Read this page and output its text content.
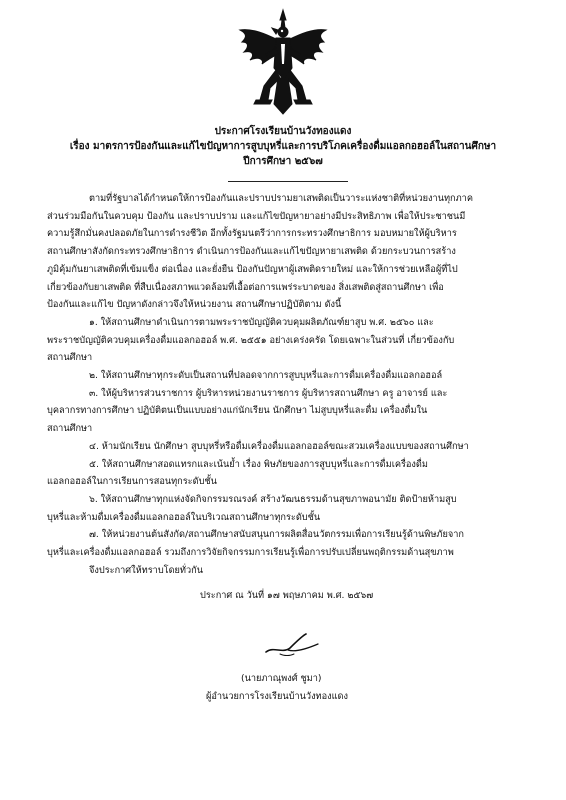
ประกาศโรงเรียนบ้านวังทองแดง
เรื่อง มาตรการป้องกันและแก้ไขปัญหาการสูบบุหรี่และการบริโภคเครื่องดื่มแอลกอฮอล์ในสถานศึกษา
ปีการศึกษา ๒๕๖๗
ตามที่รัฐบาลได้กำหนดให้การป้องกันและปราบปรามยาเสพติดเป็นวาระแห่งชาติที่หน่วยงานทุกภาค
ส่วนร่วมมือกันในควบคุม ป้องกัน และปราบปราม และแก้ไขปัญหายาอย่างมีประสิทธิภาพ เพื่อให้ประชาชนมี
ความรู้สึกมั่นคงปลอดภัยในการดำรงชีวิต อีกทั้งรัฐมนตรีว่าการกระทรวงศึกษาธิการ มอบหมายให้ผู้บริหาร
สถานศึกษาสังกัดกระทรวงศึกษาธิการ ดำเนินการป้องกันและแก้ไขปัญหายาเสพติด ด้วยกระบวนการสร้าง
ภูมิคุ้มกันยาเสพติดที่เข้มแข็ง ต่อเนื่อง และยั่งยืน ป้องกันปัญหาผู้เสพติดรายใหม่ และให้การช่วยเหลือผู้ที่ไป
เกี่ยวข้องกับยาเสพติด ที่สืบเนื่องสภาพแวดล้อมที่เอื้อต่อการแพร่ระบาดของ สิ่งเสพติดสู่สถานศึกษา เพื่อ
ป้องกันและแก้ไข ปัญหาดังกล่าวจึงให้หน่วยงาน สถานศึกษาปฏิบัติตาม ดังนี้
๑. ให้สถานศึกษาดำเนินการตามพระราชบัญญัติควบคุมผลิตภัณฑ์ยาสูบ พ.ศ. ๒๕๖๐ และ
พระราชบัญญัติควบคุมเครื่องดื่มแอลกอฮอล์ พ.ศ. ๒๕๕๑ อย่างเคร่งครัด โดยเฉพาะในส่วนที่ เกี่ยวข้องกับ
สถานศึกษา
๒. ให้สถานศึกษาทุกระดับเป็นสถานที่ปลอดจากการสูบบุหรี่และการดื่มเครื่องดื่มแอลกอฮอล์
๓. ให้ผู้บริหารส่วนราชการ ผู้บริหารหน่วยงานราชการ ผู้บริหารสถานศึกษา ครู อาจารย์ และ
บุคลากรทางการศึกษา ปฏิบัติตนเป็นแบบอย่างแก่นักเรียน นักศึกษา ไม่สูบบุหรี่และดื่ม เครื่องดื่มใน
สถานศึกษา
๔. ห้ามนักเรียน นักศึกษา สูบบุหรี่หรือดื่มเครื่องดื่มแอลกอฮอล์ขณะสวมเครื่องแบบของสถานศึกษา
๕. ให้สถานศึกษาสอดแทรกและเน้นย้ำ เรื่อง พิษภัยของการสูบบุหรี่และการดื่มเครื่องดื่ม
แอลกอฮอล์ในการเรียนการสอนทุกระดับชั้น
๖. ให้สถานศึกษาทุกแห่งจัดกิจกรรมรณรงค์ สร้างวัฒนธรรมด้านสุขภาพอนามัย ติดป้ายห้ามสูบ
บุหรี่และห้ามดื่มเครื่องดื่มแอลกอฮอล์ในบริเวณสถานศึกษาทุกระดับชั้น
๗. ให้หน่วยงานต้นสังกัด/สถานศึกษาสนับสนุนการผลิตสื่อนวัตกรรมเพื่อการเรียนรู้ด้านพิษภัยจาก
บุหรี่และเครื่องดื่มแอลกอฮอล์ รวมถึงการวิจัยกิจกรรมการเรียนรู้เพื่อการปรับเปลี่ยนพฤติกรรมด้านสุขภาพ
จึงประกาศให้ทราบโดยทั่วกัน
ประกาศ ณ วันที่ ๑๗ พฤษภาคม พ.ศ. ๒๕๖๗
(นายภาณุพงศ์ ชูมา)
ผู้อำนวยการโรงเรียนบ้านวังทองแดง
